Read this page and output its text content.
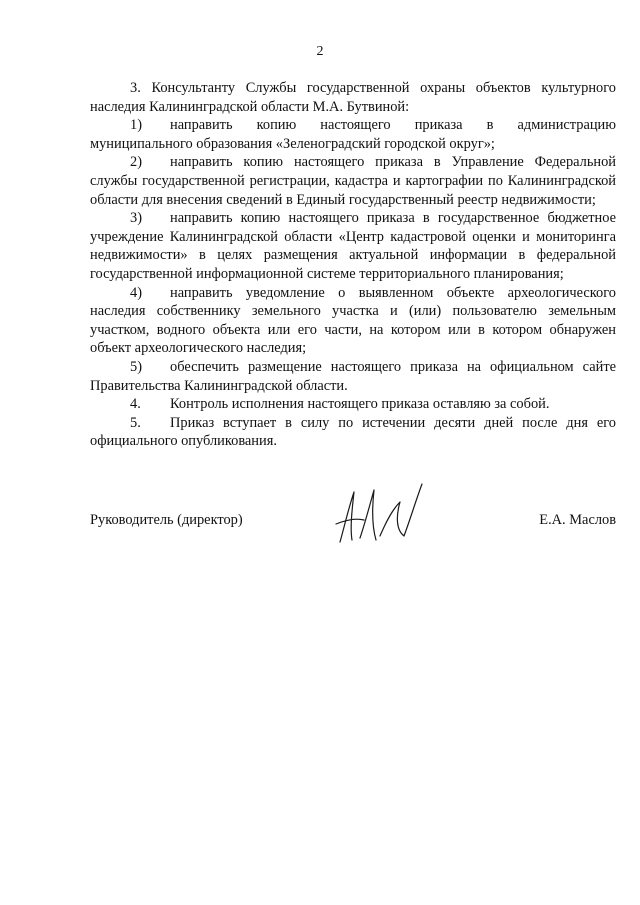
2

3. Консультанту Службы государственной охраны объектов культурного наследия Калининградской области М.А. Бутвиной:

1) направить копию настоящего приказа в администрацию муниципального образования «Зеленоградский городской округ»;

2) направить копию настоящего приказа в Управление Федеральной службы государственной регистрации, кадастра и картографии по Калининградской области для внесения сведений в Единый государственный реестр недвижимости;

3) направить копию настоящего приказа в государственное бюджетное учреждение Калининградской области «Центр кадастровой оценки и мониторинга недвижимости» в целях размещения актуальной информации в федеральной государственной информационной системе территориального планирования;

4) направить уведомление о выявленном объекте археологического наследия собственнику земельного участка и (или) пользователю земельным участком, водного объекта или его части, на котором или в котором обнаружен объект археологического наследия;

5) обеспечить размещение настоящего приказа на официальном сайте Правительства Калининградской области.

4. Контроль исполнения настоящего приказа оставляю за собой.

5. Приказ вступает в силу по истечении десяти дней после дня его официального опубликования.

Руководитель (директор)	Е.А. Маслов
